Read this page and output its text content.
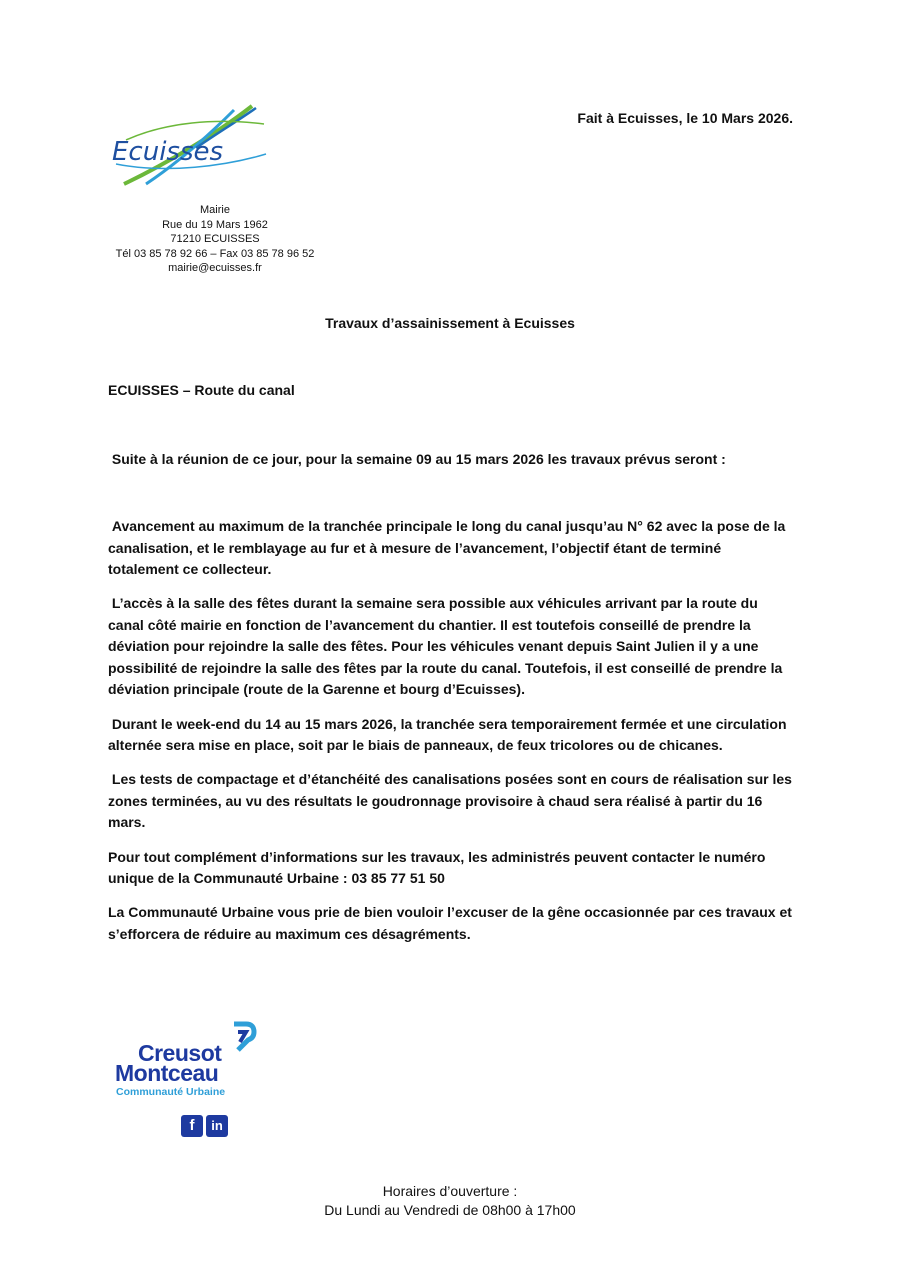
Ecuisses
Fait à Ecuisses, le 10 Mars 2026.
Mairie
Rue du 19 Mars 1962
71210 ECUISSES
Tél 03 85 78 92 66 – Fax 03 85 78 96 52
mairie@ecuisses.fr
Travaux d’assainissement à Ecuisses
ECUISSES – Route du canal
Suite à la réunion de ce jour, pour la semaine 09 au 15 mars 2026 les travaux prévus seront :

Avancement au maximum de la tranchée principale le long du canal jusqu’au N° 62 avec la pose de la canalisation, et le remblayage au fur et à mesure de l’avancement, l’objectif étant de terminé totalement ce collecteur.

L’accès à la salle des fêtes durant la semaine sera possible aux véhicules arrivant par la route du canal côté mairie en fonction de l’avancement du chantier. Il est toutefois conseillé de prendre la déviation pour rejoindre la salle des fêtes. Pour les véhicules venant depuis Saint Julien il y a une possibilité de rejoindre la salle des fêtes par la route du canal. Toutefois, il est conseillé de prendre la déviation principale (route de la Garenne et bourg d’Ecuisses).

Durant le week-end du 14 au 15 mars 2026, la tranchée sera temporairement fermée et une circulation alternée sera mise en place, soit par le biais de panneaux, de feux tricolores ou de chicanes.

Les tests de compactage et d’étanchéité des canalisations posées sont en cours de réalisation sur les zones terminées, au vu des résultats le goudronnage provisoire à chaud sera réalisé à partir du 16 mars.

Pour tout complément d’informations sur les travaux, les administrés peuvent contacter le numéro unique de la Communauté Urbaine : 03 85 77 51 50

La Communauté Urbaine vous prie de bien vouloir l’excuser de la gêne occasionnée par ces travaux et s’efforcera de réduire au maximum ces désagréments.

Creusot
Montceau
Communauté Urbaine
f	in
Horaires d’ouverture :
Du Lundi au Vendredi de 08h00 à 17h00
